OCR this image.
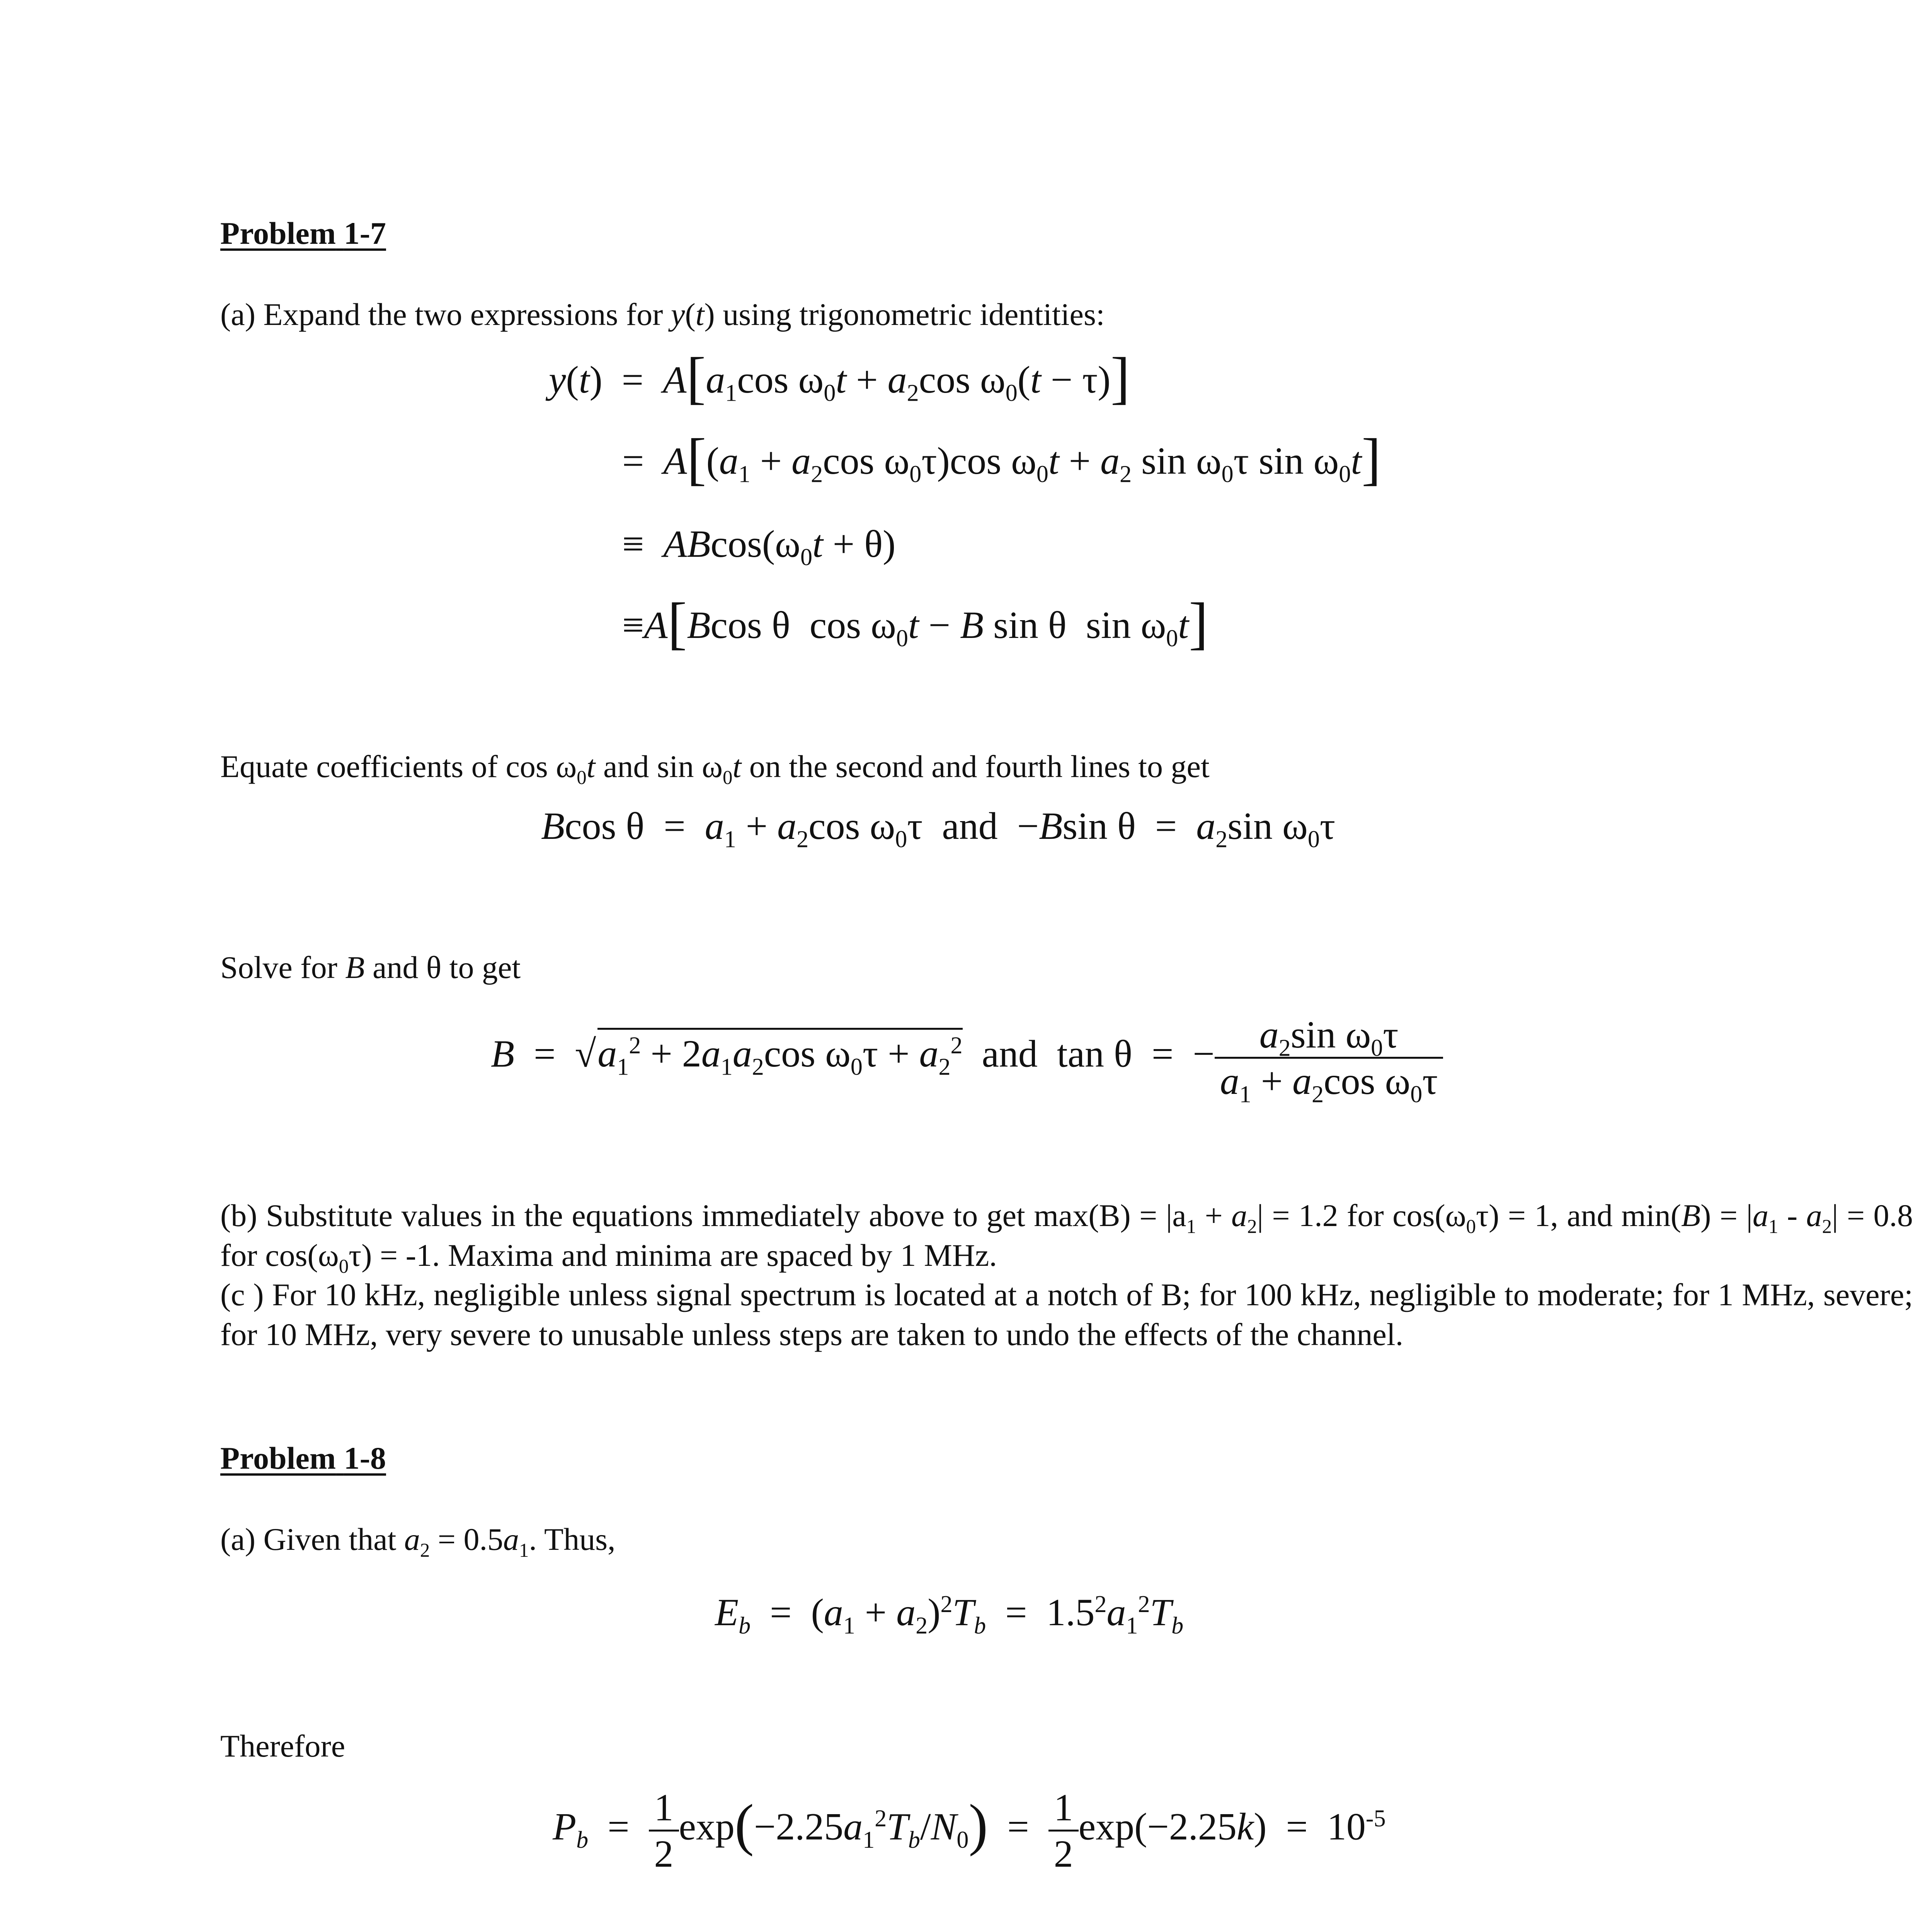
Problem 1-7
(a) Expand the two expressions for y(t) using trigonometric identities:
$y(t) = A[a_1\cos$ $\omega_0t + a_2\cos$ $\omega_0(t - \tau)$]
=  $A[(a_1 + a_2\cos$ $\omega_0\tau)\cos$ $\omega_0t + a_2$ $\sin \omega_0\tau$ $\sin \omega_0t$]
≡  $ABcos(\omega_0t + \theta)$
≡A[Bcos θ  $\cos \omega_0t - B$ sin θ  $\sin \omega_0t$]
Equate coefficients of $\cos \omega_0t$ and $\sin \omega_0t$ on the second and fourth lines to get
Bcos $\theta = a_1 + a_2\cos$ $\omega_0\tau$  and  −Bsin $\theta = a_2\sin$ $\omega_0\tau$
Solve for B and θ to get
$B = √a_1^2 + 2a_1a_2\cos$ $\omega_0\tau + a_2^2$  and  tan θ  =  − $\frac{a_2\sin \omega_0\tau}{a_1 + a_2\cos \omega_0\tau}$
(b) Substitute values in the equations immediately above to get $\max(B) = |a_1 + a_2| = 1.2$ for $\cos(\omega_0\tau) = 1$, and $\min(B) = |a_1 - a_2| = 0.8$ for $\cos(\omega_0\tau) = -1$. Maxima and minima are spaced by 1 MHz.
(c ) For 10 kHz, negligible unless signal spectrum is located at a notch of B; for 100 kHz, negligible to moderate; for 1 MHz, severe; for 10 MHz, very severe to unusable unless steps are taken to undo the effects of the channel.
Problem 1-8
(a) Given that $a_2 = 0.5a_1$. Thus,
$E_b = (a_1 + a_2)^2T_b = 1.5^2a_1^2T_b$
Therefore
$P_b = \frac{1}{2} \exp(-2.25a_1^2T_b/N_0) = \frac{1}{2} \exp(-2.25k) = 10^{-5}$
